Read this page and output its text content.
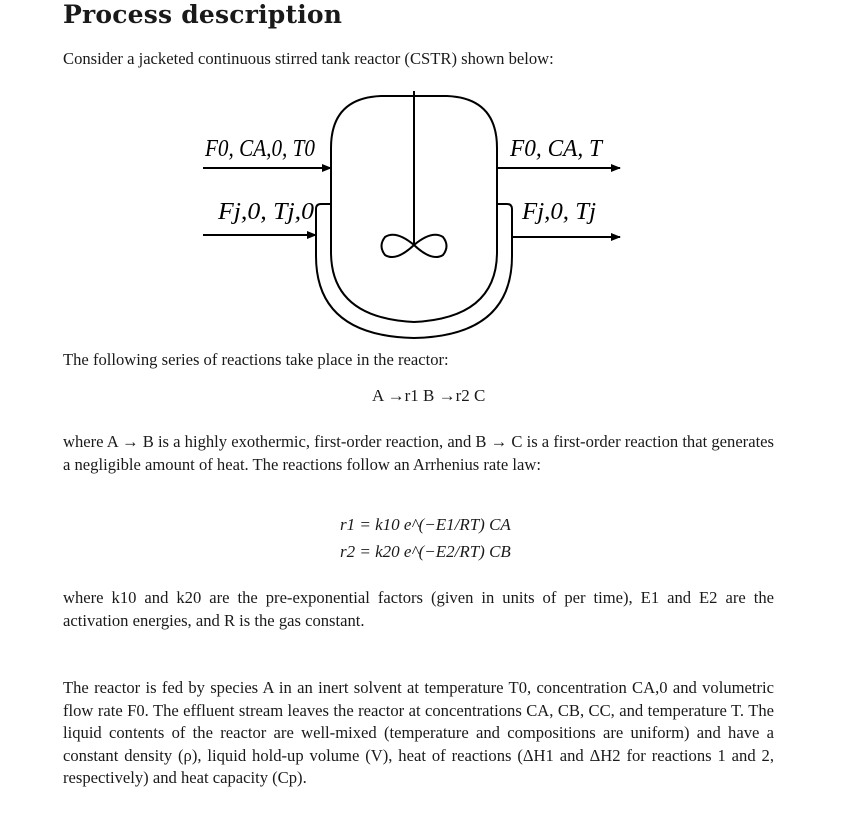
Process description

Consider a jacketed continuous stirred tank reactor (CSTR) shown below:

F0, CA,0, T0	F0, CA, T
Fj,0, Tj,0	Fj,0, Tj

The following series of reactions take place in the reactor:

A →r1 B →r2 C

where A → B is a highly exothermic, first-order reaction, and B → C is a first-order reaction that generates a negligible amount of heat. The reactions follow an Arrhenius rate law:

r1 = k10 e^(−E1/RT) CA
r2 = k20 e^(−E2/RT) CB

where k10 and k20 are the pre-exponential factors (given in units of per time), E1 and E2 are the activation energies, and R is the gas constant.

The reactor is fed by species A in an inert solvent at temperature T0, concentration CA,0 and volumetric flow rate F0. The effluent stream leaves the reactor at concentrations CA, CB, CC, and temperature T. The liquid contents of the reactor are well-mixed (temperature and compositions are uniform) and have a constant density (ρ), liquid hold-up volume (V), heat of reactions (ΔH1 and ΔH2 for reactions 1 and 2, respectively) and heat capacity (Cp).
